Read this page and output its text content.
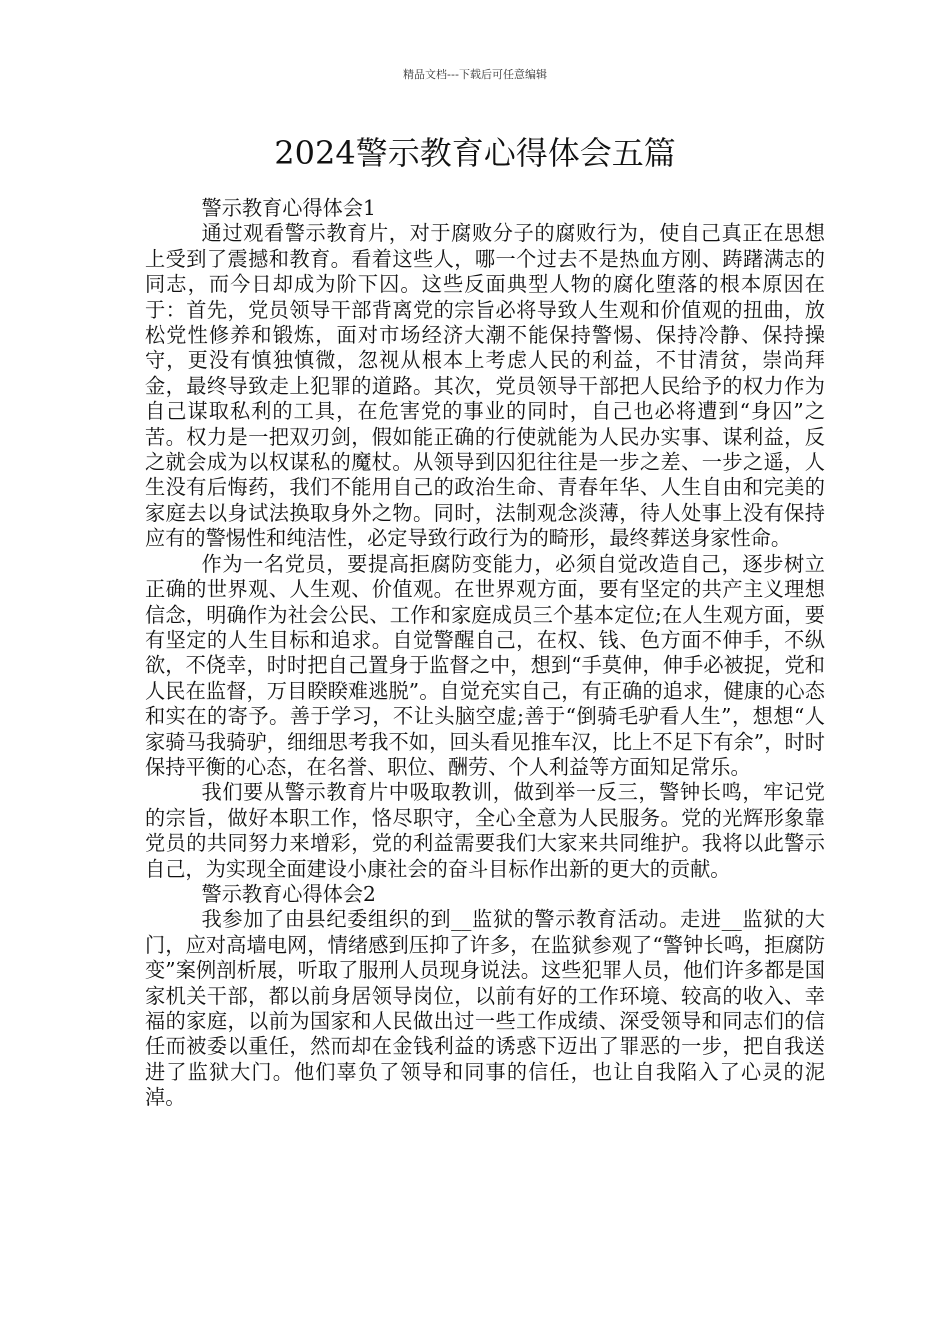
精品文档---下载后可任意编辑
2024警示教育心得体会五篇

警示教育心得体会1

通过观看警示教育片，对于腐败分子的腐败行为，使自己真正在思想上受到了震撼和教育。看着这些人，哪一个过去不是热血方刚、踌躇满志的同志，而今日却成为阶下囚。这些反面典型人物的腐化堕落的根本原因在于：首先，党员领导干部背离党的宗旨必将导致人生观和价值观的扭曲，放松党性修养和锻炼，面对市场经济大潮不能保持警惕、保持冷静、保持操守，更没有慎独慎微，忽视从根本上考虑人民的利益，不甘清贫，崇尚拜金，最终导致走上犯罪的道路。其次，党员领导干部把人民给予的权力作为自己谋取私利的工具，在危害党的事业的同时，自己也必将遭到“身囚”之苦。权力是一把双刃剑，假如能正确的行使就能为人民办实事、谋利益，反之就会成为以权谋私的魔杖。从领导到囚犯往往是一步之差、一步之遥，人生没有后悔药，我们不能用自己的政治生命、青春年华、人生自由和完美的家庭去以身试法换取身外之物。同时，法制观念淡薄，待人处事上没有保持应有的警惕性和纯洁性，必定导致行政行为的畸形，最终葬送身家性命。

作为一名党员，要提高拒腐防变能力，必须自觉改造自己，逐步树立正确的世界观、人生观、价值观。在世界观方面，要有坚定的共产主义理想信念，明确作为社会公民、工作和家庭成员三个基本定位;在人生观方面，要有坚定的人生目标和追求。自觉警醒自己，在权、钱、色方面不伸手，不纵欲，不侥幸，时时把自己置身于监督之中，想到“手莫伸，伸手必被捉，党和人民在监督，万目睽睽难逃脱”。自觉充实自己，有正确的追求，健康的心态和实在的寄予。善于学习，不让头脑空虚;善于“倒骑毛驴看人生”，想想“人家骑马我骑驴，细细思考我不如，回头看见推车汉，比上不足下有余”，时时保持平衡的心态，在名誉、职位、酬劳、个人利益等方面知足常乐。

我们要从警示教育片中吸取教训，做到举一反三，警钟长鸣，牢记党的宗旨，做好本职工作，恪尽职守，全心全意为人民服务。党的光辉形象靠党员的共同努力来增彩，党的利益需要我们大家来共同维护。我将以此警示自己，为实现全面建设小康社会的奋斗目标作出新的更大的贡献。

警示教育心得体会2

我参加了由县纪委组织的到__监狱的警示教育活动。走进__监狱的大门，应对高墙电网，情绪感到压抑了许多，在监狱参观了“警钟长鸣，拒腐防变”案例剖析展，听取了服刑人员现身说法。这些犯罪人员，他们许多都是国家机关干部，都以前身居领导岗位，以前有好的工作环境、较高的收入、幸福的家庭，以前为国家和人民做出过一些工作成绩、深受领导和同志们的信任而被委以重任，然而却在金钱利益的诱惑下迈出了罪恶的一步，把自我送进了监狱大门。他们辜负了领导和同事的信任，也让自我陷入了心灵的泥淖。
